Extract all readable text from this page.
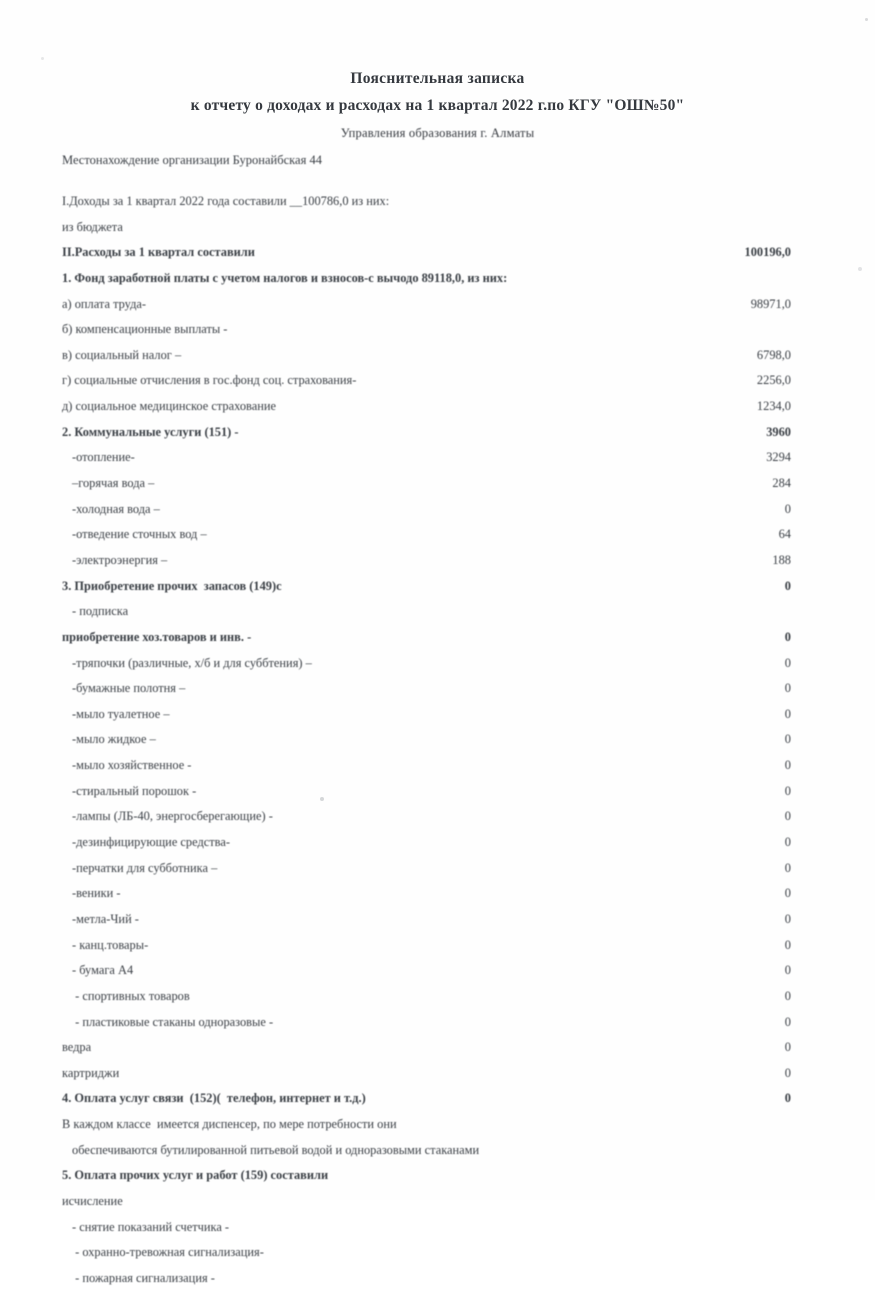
Пояснительная записка
к отчету о доходах и расходах на 1 квартал 2022 г.по КГУ "ОШ№50"
Управления образования г. Алматы
Местонахождение организации Буронайбская 44
I.Доходы за 1 квартал 2022 года составили __100786,0 из них:
из бюджета
II.Расходы за 1 квартал составили	100196,0
1. Фонд заработной платы с учетом налогов и взносов-с вычодо 89118,0, из них:
а) оплата труда-	98971,0
б) компенсационные выплаты -
в) социальный налог –	6798,0
г) социальные отчисления в гос.фонд соц. страхования-	2256,0
д) социальное медицинское страхование	1234,0
2. Коммунальные услуги (151) -	3960
-отопление-	3294
–горячая вода –	284
-холодная вода –	0
-отведение сточных вод –	64
-электроэнергия –	188
3. Приобретение прочих  запасов (149)с	0
- подписка
приобретение хоз.товаров и инв. -	0
-тряпочки (различные, х/б и для суббтения) –	0
-бумажные полотня –	0
-мыло туалетное –	0
-мыло жидкое –	0
-мыло хозяйственное -	0
-стиральный порошок -	0
-лампы (ЛБ-40, энергосберегающие) -	0
-дезинфицирующие средства-	0
-перчатки для субботника –	0
-веники -	0
-метла-Чий -	0
- канц.товары-	0
- бумага А4	0
- спортивных товаров	0
- пластиковые стаканы одноразовые -	0
ведра	0
картриджи	0
4. Оплата услуг связи  (152)(  телефон, интернет и т.д.)	0
В каждом классе  имеется диспенсер, по мере потребности они
обеспечиваются бутилированной питьевой водой и одноразовыми стаканами
5. Оплата прочих услуг и работ (159) составили
исчисление
- снятие показаний счетчика -
- охранно-тревожная сигнализация-
- пожарная сигнализация -
